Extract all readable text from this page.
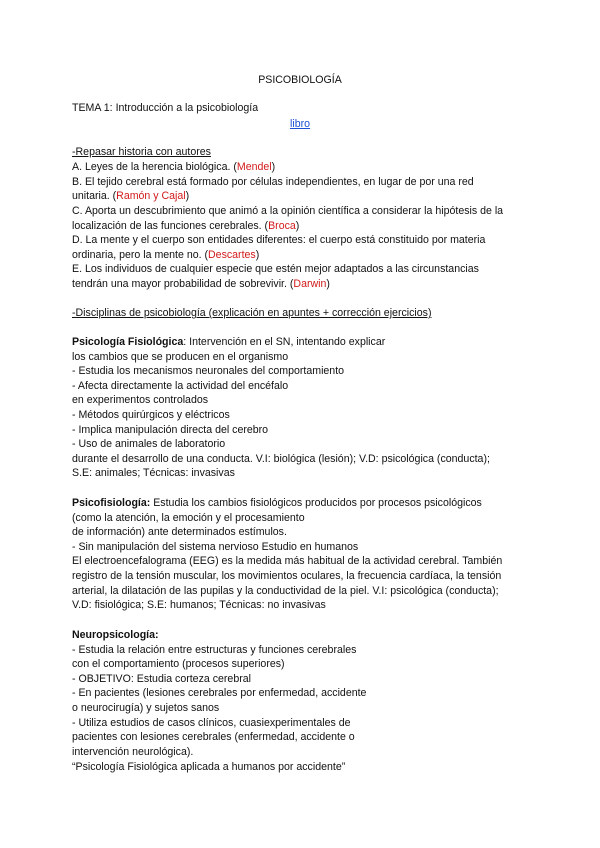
PSICOBIOLOGÍA
TEMA 1: Introducción a la psicobiología
libro
-Repasar historia con autores
A. Leyes de la herencia biológica. (Mendel)
B. El tejido cerebral está formado por células independientes, en lugar de por una red
unitaria. (Ramón y Cajal)
C. Aporta un descubrimiento que animó a la opinión científica a considerar la hipótesis de la
localización de las funciones cerebrales. (Broca)
D. La mente y el cuerpo son entidades diferentes: el cuerpo está constituido por materia
ordinaria, pero la mente no. (Descartes)
E. Los individuos de cualquier especie que estén mejor adaptados a las circunstancias
tendrán una mayor probabilidad de sobrevivir. (Darwin)
-Disciplinas de psicobiología (explicación en apuntes + corrección ejercicios)
Psicología Fisiológica: Intervención en el SN, intentando explicar
los cambios que se producen en el organismo
- Estudia los mecanismos neuronales del comportamiento
- Afecta directamente la actividad del encéfalo
en experimentos controlados
- Métodos quirúrgicos y eléctricos
- Implica manipulación directa del cerebro
- Uso de animales de laboratorio
durante el desarrollo de una conducta. V.I: biológica (lesión); V.D: psicológica (conducta);
S.E: animales; Técnicas: invasivas
Psicofisiología: Estudia los cambios fisiológicos producidos por procesos psicológicos
(como la atención, la emoción y el procesamiento
de información) ante determinados estímulos.
- Sin manipulación del sistema nervioso Estudio en humanos
El electroencefalograma (EEG) es la medida más habitual de la actividad cerebral. También
registro de la tensión muscular, los movimientos oculares, la frecuencia cardíaca, la tensión
arterial, la dilatación de las pupilas y la conductividad de la piel. V.I: psicológica (conducta);
V.D: fisiológica; S.E: humanos; Técnicas: no invasivas
Neuropsicología:
- Estudia la relación entre estructuras y funciones cerebrales
con el comportamiento (procesos superiores)
- OBJETIVO: Estudia corteza cerebral
- En pacientes (lesiones cerebrales por enfermedad, accidente
o neurocirugía) y sujetos sanos
- Utiliza estudios de casos clínicos, cuasiexperimentales de
pacientes con lesiones cerebrales (enfermedad, accidente o
intervención neurológica).
“Psicología Fisiológica aplicada a humanos por accidente”
